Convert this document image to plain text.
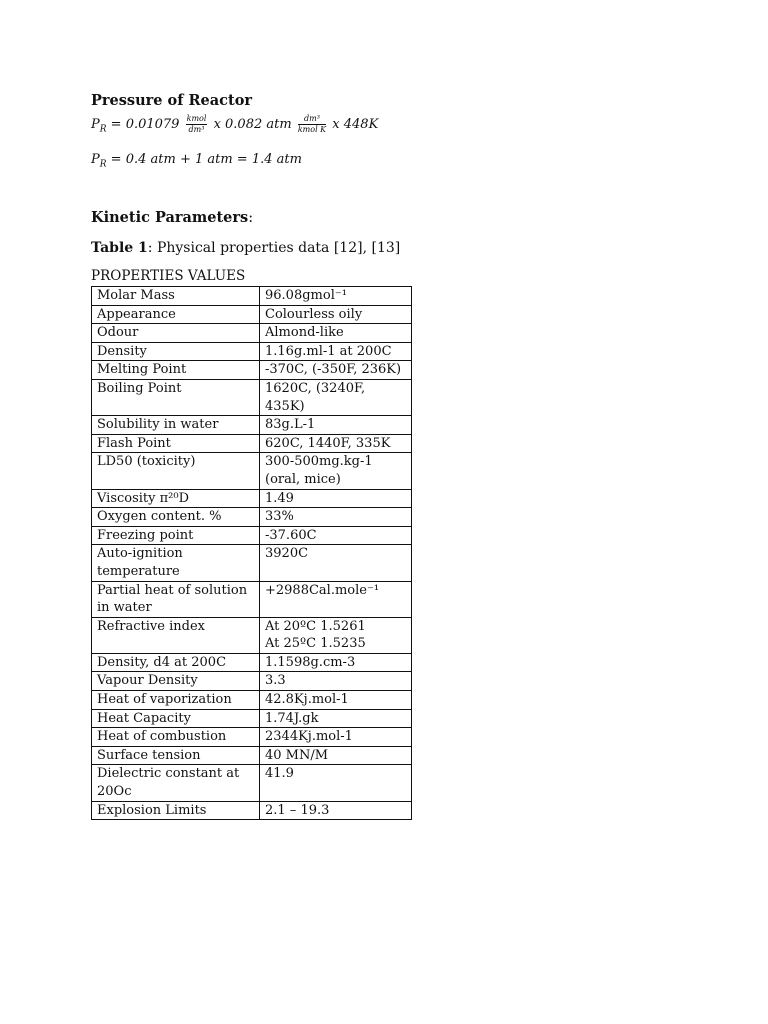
Pressure of Reactor
$P_R = 0.01079 \frac{\text{kmol}}{\text{dm³}}$ x 0.082 atm $\frac{\text{dm³}}{\text{kmol K}}$ x 448K
$P_R = 0.4$ atm + 1 atm = 1.4 atm
Kinetic Parameters:
Table 1: Physical properties data [12], [13]
PROPERTIES VALUES
Molar Mass	96.08gmol⁻¹
Appearance	Colourless oily
Odour	Almond-like
Density	1.16g.ml-1 at 200C
Melting Point	-370C, (-350F, 236K)
Boiling Point	1620C, (3240F, 435K)
Solubility in water	83g.L-1
Flash Point	620C, 1440F, 335K
LD50 (toxicity)	300-500mg.kg-1 (oral, mice)
Viscosity π²⁰D	1.49
Oxygen content. %	33%
Freezing point	-37.60C
Auto-ignition temperature	3920C
Partial heat of solution in water	+2988Cal.mole⁻¹
Refractive index	At 20ºC 1.5261
At 25ºC 1.5235
Density, d4 at 200C	1.1598g.cm-3
Vapour Density	3.3
Heat of vaporization	42.8Kj.mol-1
Heat Capacity	1.74J.gk
Heat of combustion	2344Kj.mol-1
Surface tension	40 MN/M
Dielectric constant at 20Oc	41.9
Explosion Limits	2.1 – 19.3
